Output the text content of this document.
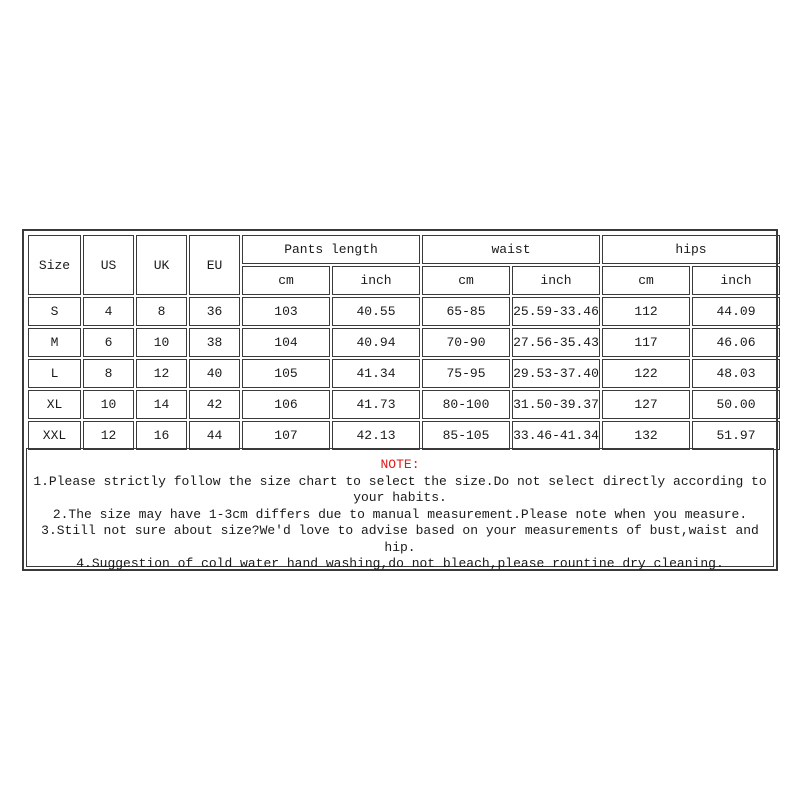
Size	US	UK	EU	Pants length		waist		hips	
				cm	inch	cm	inch	cm	inch
S	4	8	36	103	40.55	65-85	25.59-33.46	112	44.09
M	6	10	38	104	40.94	70-90	27.56-35.43	117	46.06
L	8	12	40	105	41.34	75-95	29.53-37.40	122	48.03
XL	10	14	42	106	41.73	80-100	31.50-39.37	127	50.00
XXL	12	16	44	107	42.13	85-105	33.46-41.34	132	51.97

NOTE:

1.Please strictly follow the size chart to select the size.Do not select directly according to your habits.

2.The size may have 1-3cm differs due to manual measurement.Please note when you measure.

3.Still not sure about size?We'd love to advise based on your measurements of bust,waist and hip.

4.Suggestion of cold water hand washing,do not bleach,please rountine dry cleaning.
